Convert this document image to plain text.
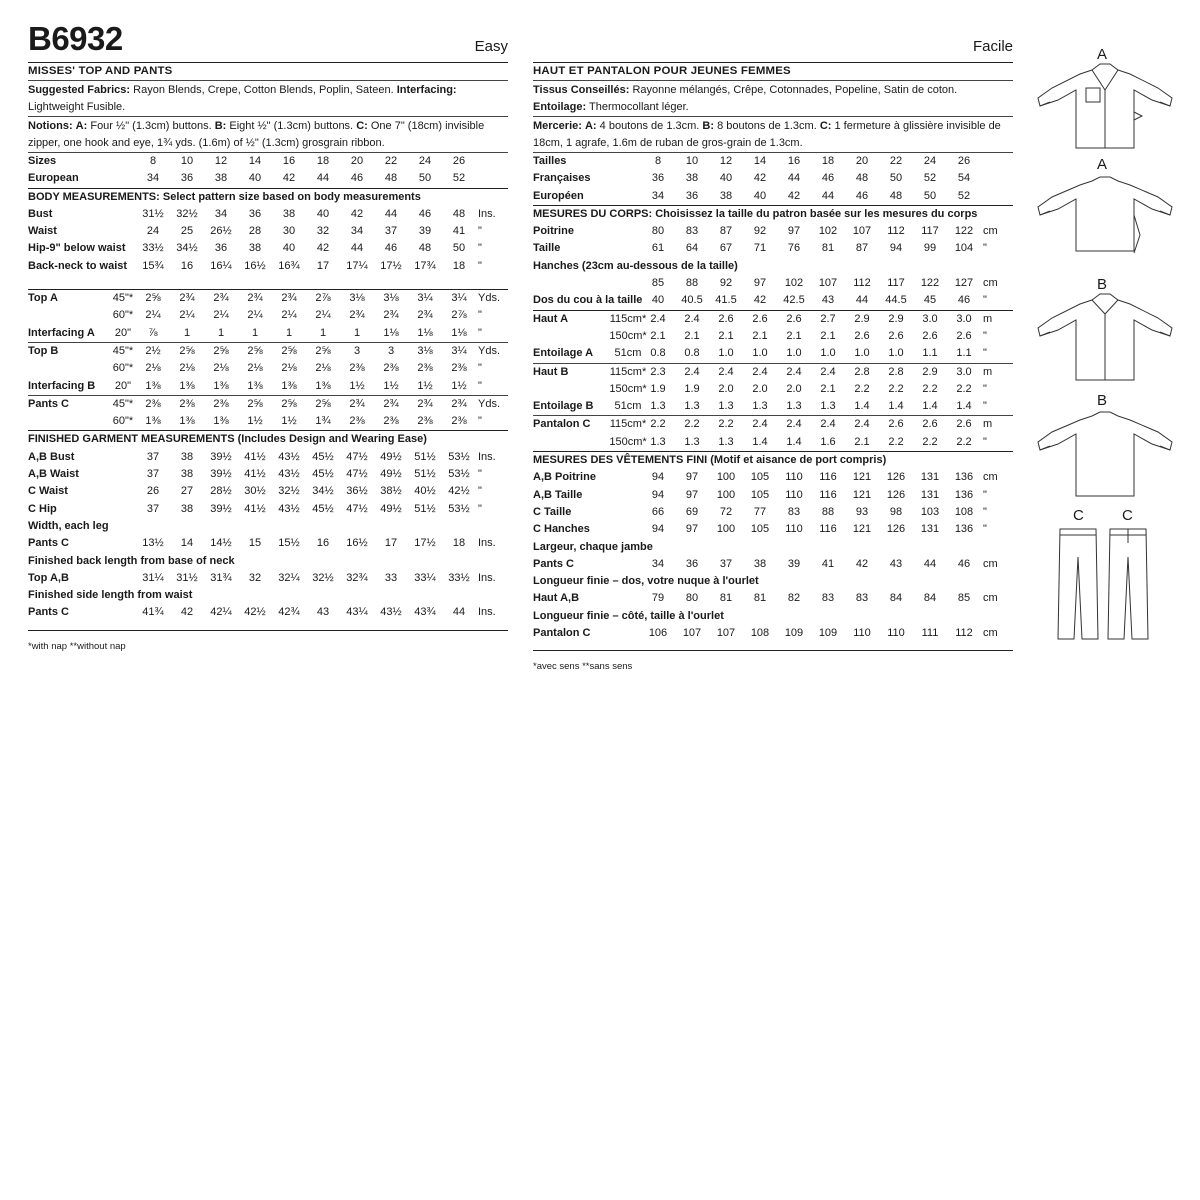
B6932	Easy
MISSES' TOP AND PANTS
Suggested Fabrics: Rayon Blends, Crepe, Cotton Blends, Poplin, Sateen. Interfacing: Lightweight Fusible.
Notions: A: Four ½" (1.3cm) buttons. B: Eight ½" (1.3cm) buttons. C: One 7" (18cm) invisible zipper, one hook and eye, 1¾ yds. (1.6m) of ½" (1.3cm) grosgrain ribbon.
Sizes	8	10	12	14	16	18	20	22	24	26
European	34	36	38	40	42	44	46	48	50	52
BODY MEASUREMENTS: Select pattern size based on body measurements
Bust	31½	32½	34	36	38	40	42	44	46	48	Ins.
Waist	24	25	26½	28	30	32	34	37	39	41	"
Hip-9" below waist	33½	34½	36	38	40	42	44	46	48	50	"
Back-neck to waist	15¾	16	16¼	16½	16¾	17	17¼	17½	17¾	18	"
Top A	45"*	2⅝	2¾	2¾	2¾	2¾	2⅞	3⅛	3⅛	3¼	3¼	Yds.
60"*	2¼	2¼	2¼	2¼	2¼	2¼	2¾	2¾	2¾	2⅞	"
Interfacing A	20"	⅞	1	1	1	1	1	1	1⅛	1⅛	1⅛	"
Top B	45"*	2½	2⅝	2⅝	2⅝	2⅝	2⅝	3	3	3⅛	3¼	Yds.
60"*	2⅛	2⅛	2⅛	2⅛	2⅛	2⅛	2⅜	2⅜	2⅜	2⅜	"
Interfacing B	20"	1⅜	1⅜	1⅜	1⅜	1⅜	1⅜	1½	1½	1½	1½	"
Pants C	45"*	2⅜	2⅜	2⅜	2⅝	2⅝	2⅝	2¾	2¾	2¾	2¾	Yds.
60"*	1⅜	1⅜	1⅜	1½	1½	1¾	2⅜	2⅜	2⅜	2⅜	"
FINISHED GARMENT MEASUREMENTS (Includes Design and Wearing Ease)
A,B Bust	37	38	39½	41½	43½	45½	47½	49½	51½	53½ Ins.
A,B Waist	37	38	39½	41½	43½	45½	47½	49½	51½	53½ "
C Waist	26	27	28½	30½	32½	34½	36½	38½	40½	42½ "
C Hip	37	38	39½	41½	43½	45½	47½	49½	51½	53½ "
Width, each leg
Pants C	13½	14	14½	15	15½	16	16½	17	17½	18	Ins.
Finished back length from base of neck
Top A,B	31¼	31½	31¾	32	32¼	32½	32¾	33	33¼	33½ Ins.
Finished side length from waist
Pants C	41¾	42	42¼	42½	42¾	43	43¼	43½	43¾	44	Ins.
*with nap **without nap
Facile
HAUT ET PANTALON POUR JEUNES FEMMES
Tissus Conseillés: Rayonne mélangés, Crêpe, Cotonnades, Popeline, Satin de coton. Entoilage: Thermocollant léger.
Mercerie: A: 4 boutons de 1.3cm. B: 8 boutons de 1.3cm. C: 1 fermeture à glissière invisible de 18cm, 1 agrafe, 1.6m de ruban de gros-grain de 1.3cm.
Tailles	8	10	12	14	16	18	20	22	24	26
Françaises	36	38	40	42	44	46	48	50	52	54
Européen	34	36	38	40	42	44	46	48	50	52
MESURES DU CORPS: Choisissez la taille du patron basée sur les mesures du corps
Poitrine	80	83	87	92	97	102	107	112	117	122 cm
Taille	61	64	67	71	76	81	87	94	99	104 "
Hanches (23cm au-dessous de la taille)
85	88	92	97	102	107	112	117	122	127 cm
Dos du cou à la taille 40	40.5	41.5	42	42.5	43	44	44.5	45	46	"
Haut A	115cm* 2.4	2.4	2.6	2.6	2.6	2.7	2.9	2.9	3.0	3.0	m
150cm* 2.1	2.1	2.1	2.1	2.1	2.1	2.6	2.6	2.6	2.6	"
Entoilage A	51cm 0.8	0.8	1.0	1.0	1.0	1.0	1.0	1.0	1.1	1.1	"
Haut B	115cm* 2.3	2.4	2.4	2.4	2.4	2.4	2.8	2.8	2.9	3.0	m
150cm* 1.9	1.9	2.0	2.0	2.0	2.1	2.2	2.2	2.2	2.2	"
Entoilage B	51cm 1.3	1.3	1.3	1.3	1.3	1.3	1.4	1.4	1.4	1.4	"
Pantalon C	115cm* 2.2	2.2	2.2	2.4	2.4	2.4	2.4	2.6	2.6	2.6	m
150cm* 1.3	1.3	1.3	1.4	1.4	1.6	2.1	2.2	2.2	2.2	"
MESURES DES VÊTEMENTS FINI (Motif et aisance de port compris)
A,B Poitrine	94	97	100	105	110	116	121	126	131	136 cm
A,B Taille	94	97	100	105	110	116	121	126	131	136 "
C Taille	66	69	72	77	83	88	93	98	103	108 "
C Hanches	94	97	100	105	110	116	121	126	131	136 "
Largeur, chaque jambe
Pants C	34	36	37	38	39	41	42	43	44	46	cm
Longueur finie – dos, votre nuque à l'ourlet
Haut A,B	79	80	81	81	82	83	83	84	84	85	cm
Longueur finie – côté, taille à l'ourlet
Pantalon C	106	107	107	108	109	109	110	110	111	112 cm
*avec sens **sans sens
A
A
B
B
C	C
